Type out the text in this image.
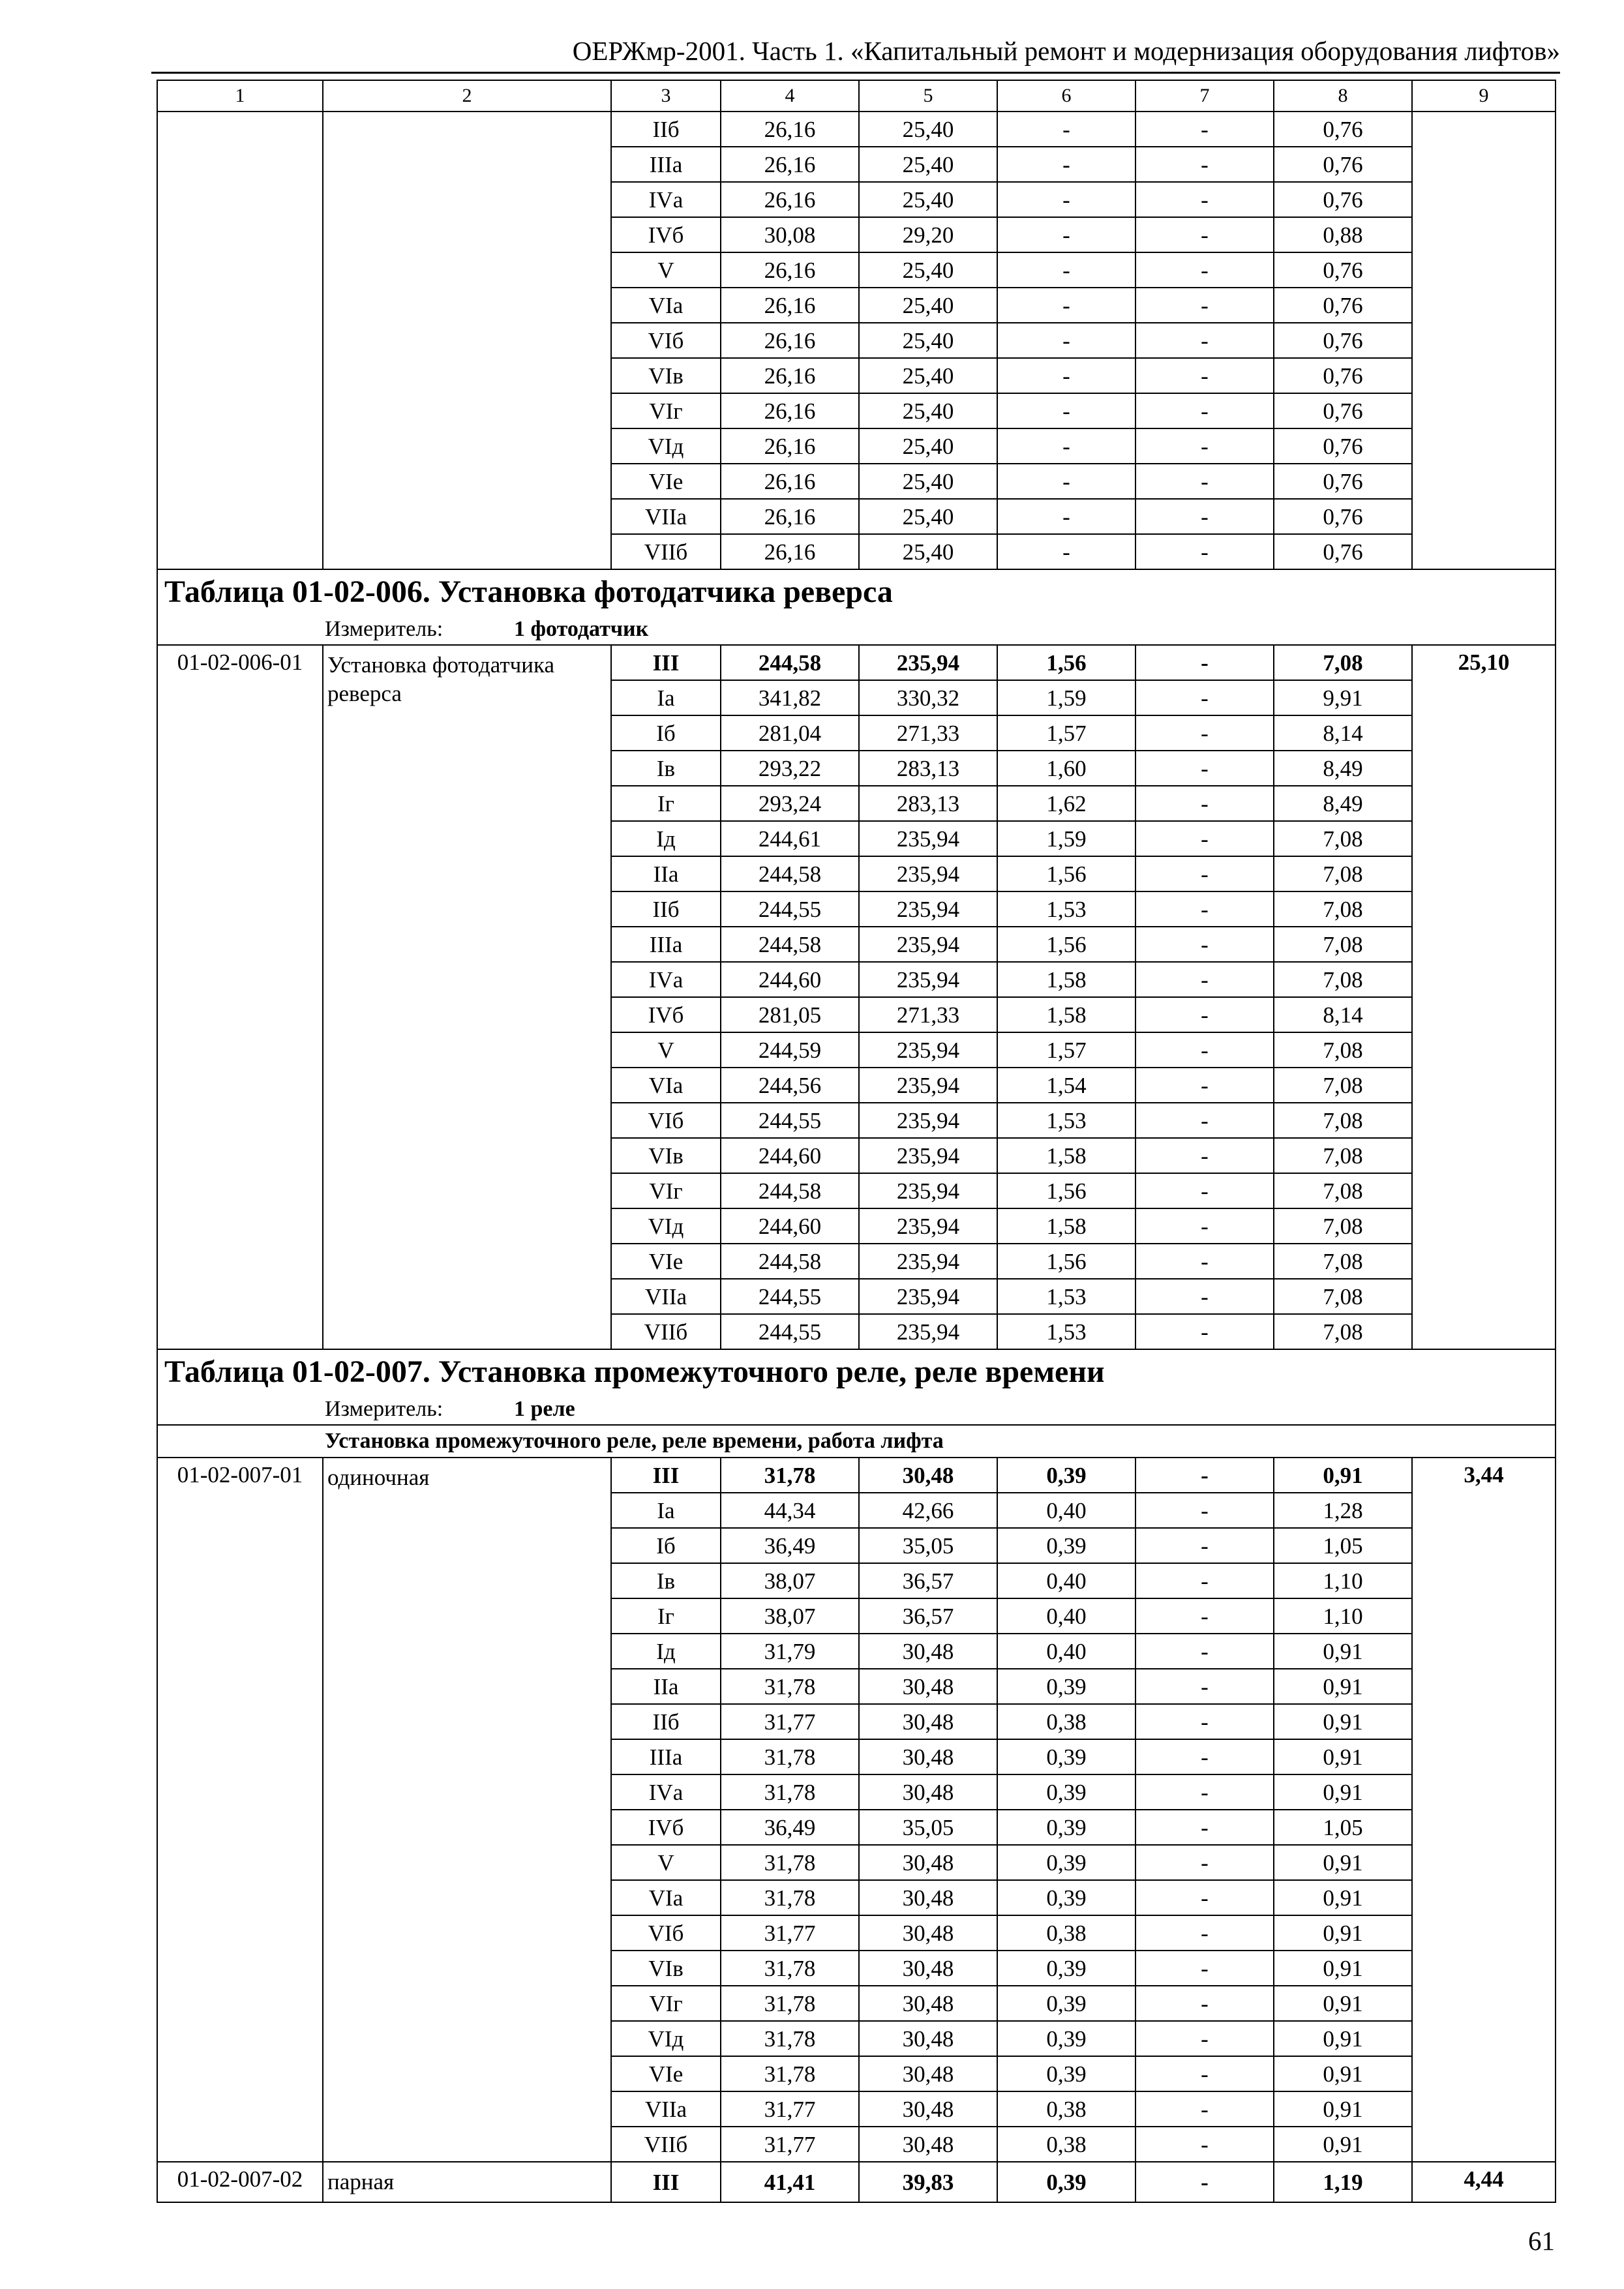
ОЕРЖмр-2001. Часть 1. «Капитальный ремонт и модернизация оборудования лифтов»
1	2	3	4	5	6	7	8	9
		IIб	26,16	25,40	-	-	0,76	
		IIIа	26,16	25,40	-	-	0,76	
		IVа	26,16	25,40	-	-	0,76	
		IVб	30,08	29,20	-	-	0,88	
		V	26,16	25,40	-	-	0,76	
		VIа	26,16	25,40	-	-	0,76	
		VIб	26,16	25,40	-	-	0,76	
		VIв	26,16	25,40	-	-	0,76	
		VIг	26,16	25,40	-	-	0,76	
		VIд	26,16	25,40	-	-	0,76	
		VIе	26,16	25,40	-	-	0,76	
		VIIа	26,16	25,40	-	-	0,76	
		VIIб	26,16	25,40	-	-	0,76	
Таблица 01-02-006. Установка фотодатчика реверса								
Измеритель: 1 фотодатчик								
01-02-006-01	Установка фотодатчика реверса	III	244,58	235,94	1,56	-	7,08	25,10
		Iа	341,82	330,32	1,59	-	9,91	
		Iб	281,04	271,33	1,57	-	8,14	
		Iв	293,22	283,13	1,60	-	8,49	
		Iг	293,24	283,13	1,62	-	8,49	
		Iд	244,61	235,94	1,59	-	7,08	
		IIа	244,58	235,94	1,56	-	7,08	
		IIб	244,55	235,94	1,53	-	7,08	
		IIIа	244,58	235,94	1,56	-	7,08	
		IVа	244,60	235,94	1,58	-	7,08	
		IVб	281,05	271,33	1,58	-	8,14	
		V	244,59	235,94	1,57	-	7,08	
		VIа	244,56	235,94	1,54	-	7,08	
		VIб	244,55	235,94	1,53	-	7,08	
		VIв	244,60	235,94	1,58	-	7,08	
		VIг	244,58	235,94	1,56	-	7,08	
		VIд	244,60	235,94	1,58	-	7,08	
		VIе	244,58	235,94	1,56	-	7,08	
		VIIа	244,55	235,94	1,53	-	7,08	
		VIIб	244,55	235,94	1,53	-	7,08	
Таблица 01-02-007. Установка промежуточного реле, реле времени								
Измеритель: 1 реле								
Установка промежуточного реле, реле времени, работа лифта								
01-02-007-01	одиночная	III	31,78	30,48	0,39	-	0,91	3,44
		Iа	44,34	42,66	0,40	-	1,28	
		Iб	36,49	35,05	0,39	-	1,05	
		Iв	38,07	36,57	0,40	-	1,10	
		Iг	38,07	36,57	0,40	-	1,10	
		Iд	31,79	30,48	0,40	-	0,91	
		IIа	31,78	30,48	0,39	-	0,91	
		IIб	31,77	30,48	0,38	-	0,91	
		IIIа	31,78	30,48	0,39	-	0,91	
		IVа	31,78	30,48	0,39	-	0,91	
		IVб	36,49	35,05	0,39	-	1,05	
		V	31,78	30,48	0,39	-	0,91	
		VIа	31,78	30,48	0,39	-	0,91	
		VIб	31,77	30,48	0,38	-	0,91	
		VIв	31,78	30,48	0,39	-	0,91	
		VIг	31,78	30,48	0,39	-	0,91	
		VIд	31,78	30,48	0,39	-	0,91	
		VIе	31,78	30,48	0,39	-	0,91	
		VIIа	31,77	30,48	0,38	-	0,91	
		VIIб	31,77	30,48	0,38	-	0,91	
01-02-007-02	парная	III	41,41	39,83	0,39	-	1,19	4,44
61
